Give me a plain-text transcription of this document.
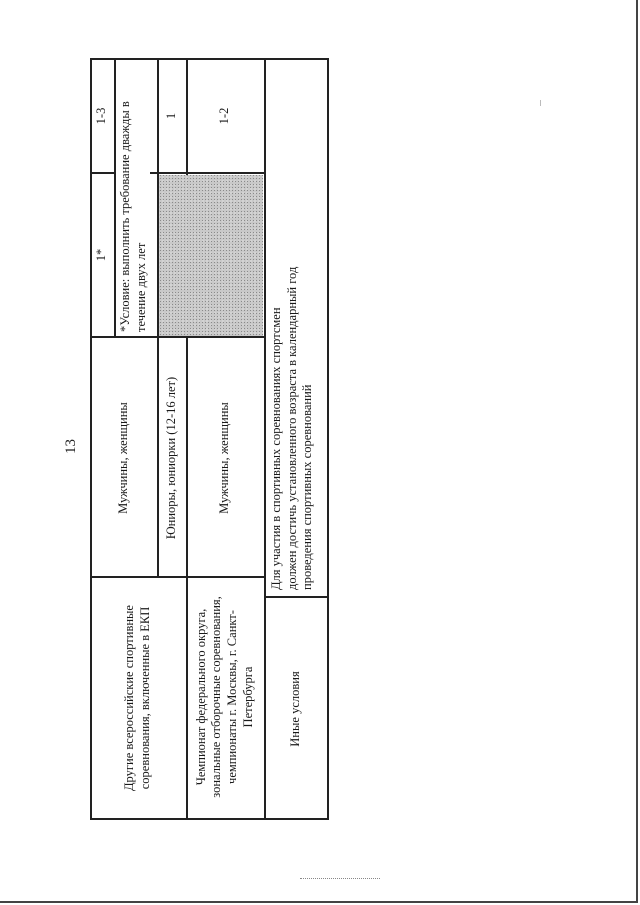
13
Другие всероссийские спортивные соревнования, включенные в ЕКП
Мужчины, женщины	Юниоры, юниорки (12-16 лет)
1* *Условие: выполнить требование дважды в течение двух лет
1-3	1
Чемпионат федерального округа, зональные отборочные соревнования, чемпионаты г. Москвы, г. Санкт-Петербурга
Мужчины, женщины
1-2
Иные условия
Для участия в спортивных соревнованиях спортсмен должен достичь установленного возраста в календарный год проведения спортивных соревнований
